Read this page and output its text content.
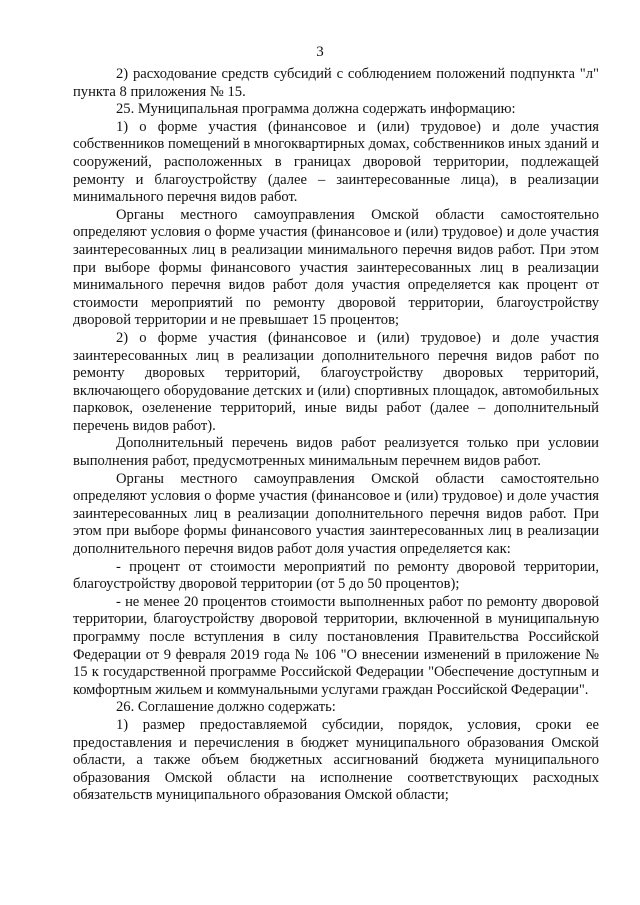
3

2) расходование средств субсидий с соблюдением положений подпункта "л" пункта 8 приложения № 15.

25. Муниципальная программа должна содержать информацию:

1) о форме участия (финансовое и (или) трудовое) и доле участия собственников помещений в многоквартирных домах, собственников иных зданий и сооружений, расположенных в границах дворовой территории, подлежащей ремонту и благоустройству (далее – заинтересованные лица), в реализации минимального перечня видов работ.

Органы местного самоуправления Омской области самостоятельно определяют условия о форме участия (финансовое и (или) трудовое) и доле участия заинтересованных лиц в реализации минимального перечня видов работ. При этом при выборе формы финансового участия заинтересованных лиц в реализации минимального перечня видов работ доля участия определяется как процент от стоимости мероприятий по ремонту дворовой территории, благоустройству дворовой территории и не превышает 15 процентов;

2) о форме участия (финансовое и (или) трудовое) и доле участия заинтересованных лиц в реализации дополнительного перечня видов работ по ремонту дворовых территорий, благоустройству дворовых территорий, включающего оборудование детских и (или) спортивных площадок, автомобильных парковок, озеленение территорий, иные виды работ (далее – дополнительный перечень видов работ).

Дополнительный перечень видов работ реализуется только при условии выполнения работ, предусмотренных минимальным перечнем видов работ.

Органы местного самоуправления Омской области самостоятельно определяют условия о форме участия (финансовое и (или) трудовое) и доле участия заинтересованных лиц в реализации дополнительного перечня видов работ. При этом при выборе формы финансового участия заинтересованных лиц в реализации дополнительного перечня видов работ доля участия определяется как:

- процент от стоимости мероприятий по ремонту дворовой территории, благоустройству дворовой территории (от 5 до 50 процентов);

- не менее 20 процентов стоимости выполненных работ по ремонту дворовой территории, благоустройству дворовой территории, включенной в муниципальную программу после вступления в силу постановления Правительства Российской Федерации от 9 февраля 2019 года № 106 "О внесении изменений в приложение № 15 к государственной программе Российской Федерации "Обеспечение доступным и комфортным жильем и коммунальными услугами граждан Российской Федерации".

26. Соглашение должно содержать:

1) размер предоставляемой субсидии, порядок, условия, сроки ее предоставления и перечисления в бюджет муниципального образования Омской области, а также объем бюджетных ассигнований бюджета муниципального образования Омской области на исполнение соответствующих расходных обязательств муниципального образования Омской области;
